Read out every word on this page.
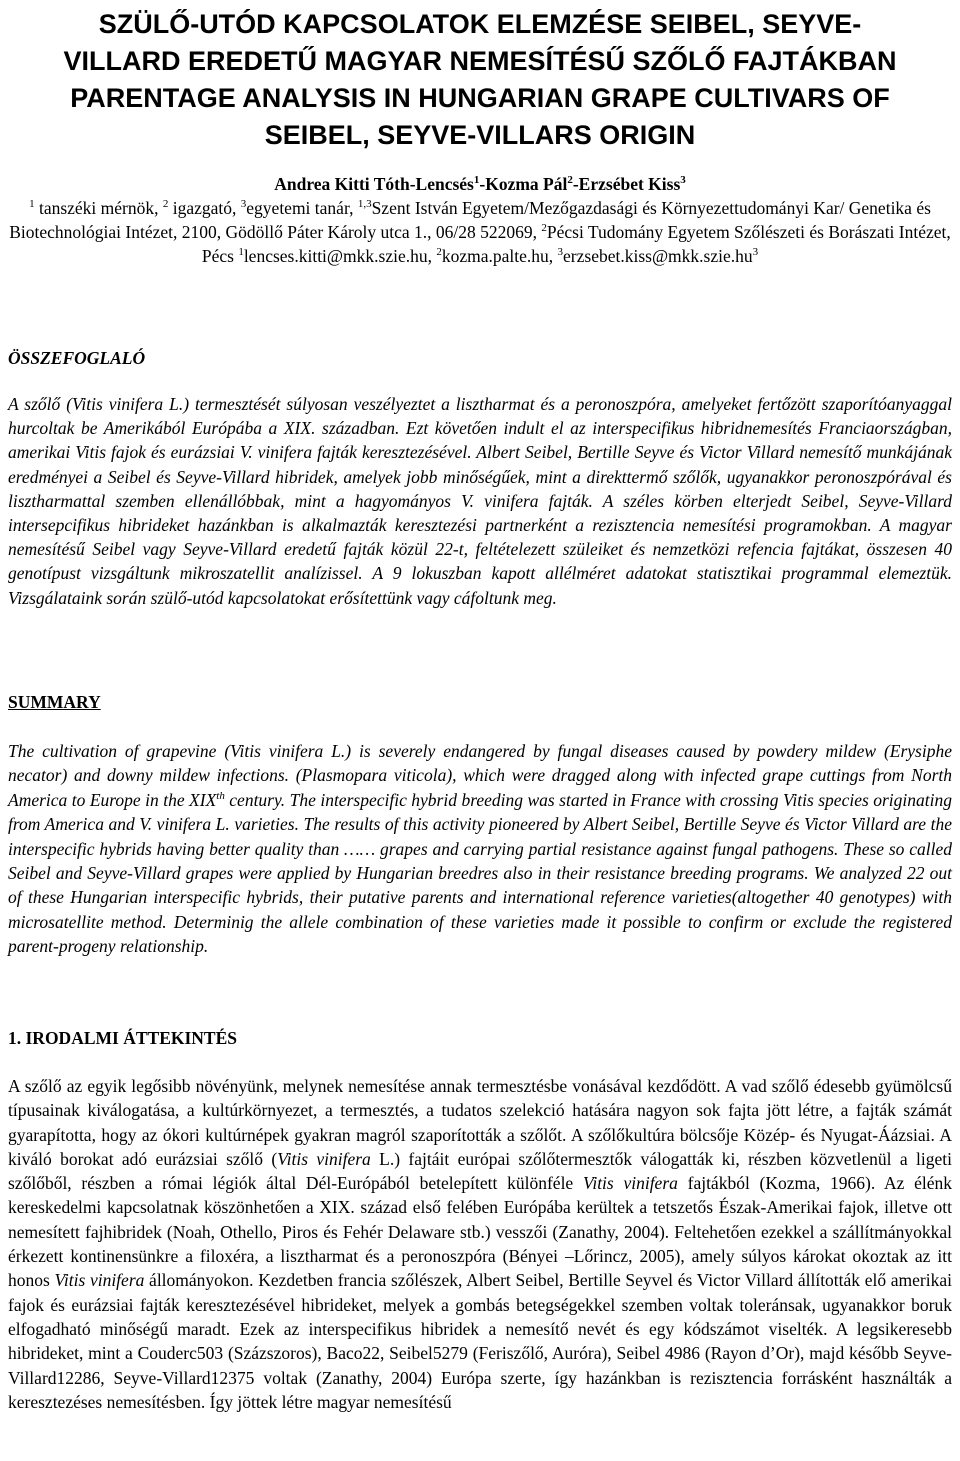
SZÜLŐ-UTÓD KAPCSOLATOK ELEMZÉSE SEIBEL, SEYVE-
VILLARD EREDETŰ MAGYAR NEMESÍTÉSŰ SZŐLŐ FAJTÁKBAN
PARENTAGE ANALYSIS IN HUNGARIAN GRAPE CULTIVARS OF
SEIBEL, SEYVE-VILLARS ORIGIN
Andrea Kitti Tóth-Lencsés$^1$-Kozma Pál$^2$-Erzsébet Kiss$^3$
$^1$ tanszéki mérnök, $^2$ igazgató, $^3$egyetemi tanár, $^{1,3}$Szent István Egyetem/Mezőgazdasági és Környezettudományi Kar/ Genetika és Biotechnológiai Intézet, 2100, Gödöllő Páter Károly utca 1., 06/28 522069, $^2$Pécsi Tudomány Egyetem Szőlészeti és Borászati Intézet, Pécs $^1$lencses.kitti@mkk.szie.hu, $^2$kozma.palte.hu, $^3erzsebet.kiss@mkk.szie.hu^3$
ÖSSZEFOGLALÓ

A szőlő (Vitis vinifera L.) termesztését súlyosan veszélyeztet a lisztharmat és a peronoszpóra, amelyeket fertőzött szaporítóanyaggal hurcoltak be Amerikából Európába a XIX. században. Ezt követően indult el az interspecifikus hibridnemesítés Franciaországban, amerikai Vitis fajok és eurázsiai V. vinifera fajták keresztezésével. Albert Seibel, Bertille Seyve és Victor Villard nemesítő munkájának eredményei a Seibel és Seyve-Villard hibridek, amelyek jobb minőségűek, mint a direkttermő szőlők, ugyanakkor peronoszpórával és lisztharmattal szemben ellenállóbbak, mint a hagyományos V. vinifera fajták. A széles körben elterjedt Seibel, Seyve-Villard intersepcifikus hibrideket hazánkban is alkalmazták keresztezési partnerként a rezisztencia nemesítési programokban. A magyar nemesítésű Seibel vagy Seyve-Villard eredetű fajták közül 22-t, feltételezett szüleiket és nemzetközi refencia fajtákat, összesen 40 genotípust vizsgáltunk mikroszatellit analízissel. A 9 lokuszban kapott allélméret adatokat statisztikai programmal elemeztük. Vizsgálataink során szülő-utód kapcsolatokat erősítettünk vagy cáfoltunk meg.

SUMMARY

The cultivation of grapevine (Vitis vinifera L.) is severely endangered by fungal diseases caused by powdery mildew (Erysiphe necator) and downy mildew infections. (Plasmopara viticola), which were dragged along with infected grape cuttings from North America to Europe in the XIXth century. The interspecific hybrid breeding was started in France with crossing Vitis species originating from America and V. vinifera L. varieties. The results of this activity pioneered by Albert Seibel, Bertille Seyve és Victor Villard are the interspecific hybrids having better quality than …… grapes and carrying partial resistance against fungal pathogens. These so called Seibel and Seyve-Villard grapes were applied by Hungarian breedres also in their resistance breeding programs. We analyzed 22 out of these Hungarian interspecific hybrids, their putative parents and international reference varieties(altogether 40 genotypes) with microsatellite method. Determinig the allele combination of these varieties made it possible to confirm or exclude the registered parent-progeny relationship.

1. IRODALMI ÁTTEKINTÉS

A szőlő az egyik legősibb növényünk, melynek nemesítése annak termesztésbe vonásával kezdődött. A vad szőlő édesebb gyümölcsű típusainak kiválogatása, a kultúrkörnyezet, a termesztés, a tudatos szelekció hatására nagyon sok fajta jött létre, a fajták számát gyarapította, hogy az ókori kultúrnépek gyakran magról szaporították a szőlőt. A szőlőkultúra bölcsője Közép- és Nyugat-Áázsiai. A kiváló borokat adó eurázsiai szőlő (Vitis vinifera L.) fajtáit európai szőlőtermesztők válogatták ki, részben közvetlenül a ligeti szőlőből, részben a római légiók által Dél-Európából betelepített különféle Vitis vinifera fajtákból (Kozma, 1966). Az élénk kereskedelmi kapcsolatnak köszönhetően a XIX. század első felében Európába kerültek a tetszetős Észak-Amerikai fajok, illetve ott nemesített fajhibridek (Noah, Othello, Piros és Fehér Delaware stb.) vesszői (Zanathy, 2004). Feltehetően ezekkel a szállítmányokkal érkezett kontinensünkre a filoxéra, a lisztharmat és a peronoszpóra (Bényei –Lőrincz, 2005), amely súlyos károkat okoztak az itt honos Vitis vinifera állományokon. Kezdetben francia szőlészek, Albert Seibel, Bertille Seyvel és Victor Villard állították elő amerikai fajok és eurázsiai fajták keresztezésével hibrideket, melyek a gombás betegségekkel szemben voltak toleránsak, ugyanakkor boruk elfogadható minőségű maradt. Ezek az interspecifikus hibridek a nemesítő nevét és egy kódszámot viselték. A legsikeresebb hibrideket, mint a Couderc503 (Százszoros), Baco22, Seibel5279 (Feriszőlő, Auróra), Seibel 4986 (Rayon d’Or), majd később Seyve-Villard12286, Seyve-Villard12375 voltak (Zanathy, 2004) Európa szerte, így hazánkban is rezisztencia forrásként használták a keresztezéses nemesítésben. Így jöttek létre magyar nemesítésű
